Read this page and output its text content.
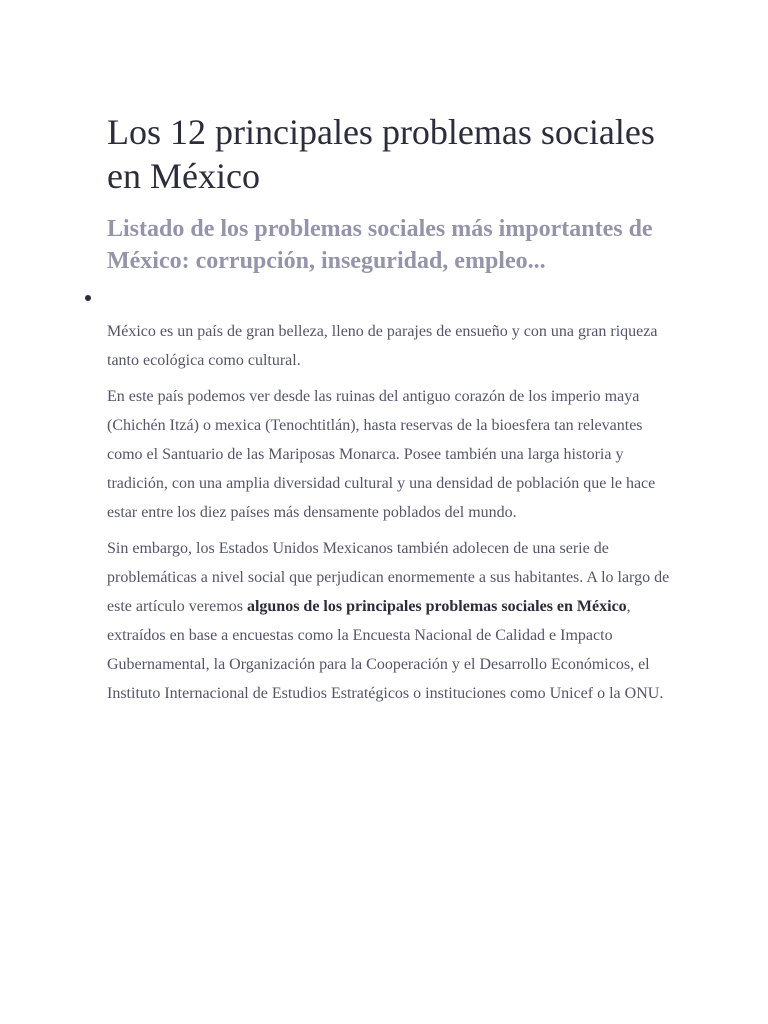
Los 12 principales problemas sociales en México
Listado de los problemas sociales más importantes de México: corrupción, inseguridad, empleo...

México es un país de gran belleza, lleno de parajes de ensueño y con una gran riqueza tanto ecológica como cultural.

En este país podemos ver desde las ruinas del antiguo corazón de los imperio maya (Chichén Itzá) o mexica (Tenochtitlán), hasta reservas de la bioesfera tan relevantes como el Santuario de las Mariposas Monarca. Posee también una larga historia y tradición, con una amplia diversidad cultural y una densidad de población que le hace estar entre los diez países más densamente poblados del mundo.

Sin embargo, los Estados Unidos Mexicanos también adolecen de una serie de problemáticas a nivel social que perjudican enormemente a sus habitantes. A lo largo de este artículo veremos algunos de los principales problemas sociales en México, extraídos en base a encuestas como la Encuesta Nacional de Calidad e Impacto Gubernamental, la Organización para la Cooperación y el Desarrollo Económicos, el Instituto Internacional de Estudios Estratégicos o instituciones como Unicef o la ONU.
